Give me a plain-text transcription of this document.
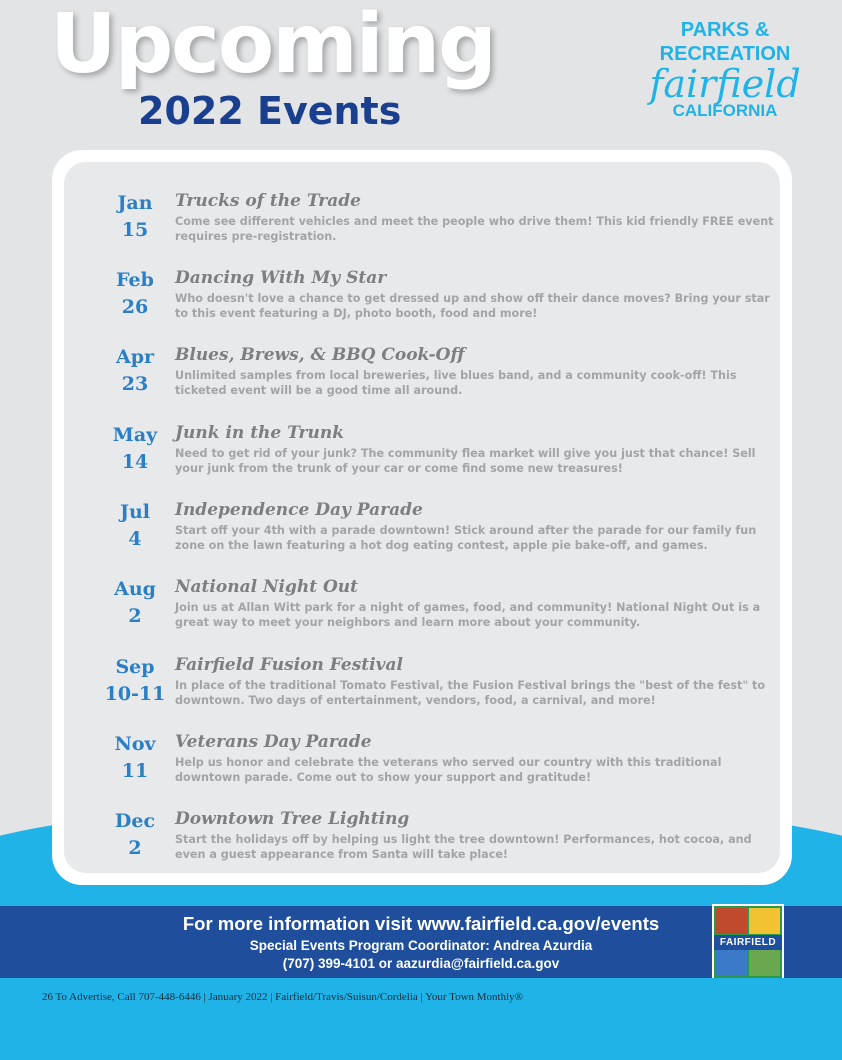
Upcoming
2022 Events
PARKS &
RECREATION
fairfield
CALIFORNIA
Jan
15
Trucks of the Trade
Come see different vehicles and meet the people who drive them! This kid friendly FREE event requires pre-registration.
Feb
26
Dancing With My Star
Who doesn't love a chance to get dressed up and show off their dance moves? Bring your star to this event featuring a DJ, photo booth, food and more!
Apr
23
Blues, Brews, & BBQ Cook-Off
Unlimited samples from local breweries, live blues band, and a community cook-off! This ticketed event will be a good time all around.
May
14
Junk in the Trunk
Need to get rid of your junk? The community flea market will give you just that chance! Sell your junk from the trunk of your car or come find some new treasures!
Jul
4
Independence Day Parade
Start off your 4th with a parade downtown! Stick around after the parade for our family fun zone on the lawn featuring a hot dog eating contest, apple pie bake-off, and games.
Aug
2
National Night Out
Join us at Allan Witt park for a night of games, food, and community! National Night Out is a great way to meet your neighbors and learn more about your community.
Sep
10-11
Fairfield Fusion Festival
In place of the traditional Tomato Festival, the Fusion Festival brings the "best of the fest" to downtown. Two days of entertainment, vendors, food, a carnival, and more!
Nov
11
Veterans Day Parade
Help us honor and celebrate the veterans who served our country with this traditional downtown parade. Come out to show your support and gratitude!
Dec
2
Downtown Tree Lighting
Start the holidays off by helping us light the tree downtown! Performances, hot cocoa, and even a guest appearance from Santa will take place!
For more information visit www.fairfield.ca.gov/events
Special Events Program Coordinator: Andrea Azurdia
(707) 399-4101 or aazurdia@fairfield.ca.gov
FAIRFIELD
26 To Advertise, Call 707-448-6446 | January 2022 | Fairfield/Travis/Suisun/Cordelia | Your Town Monthly®
